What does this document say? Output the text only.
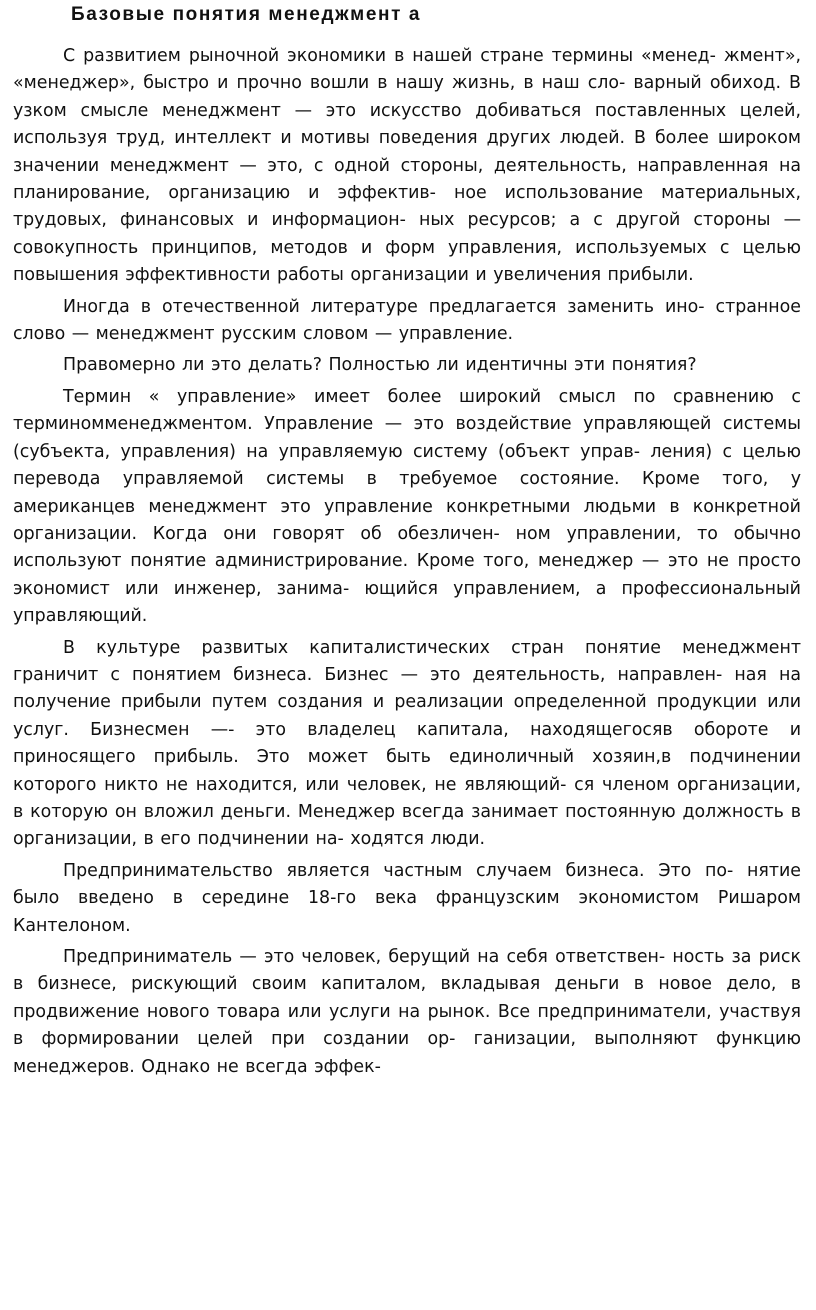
Базовые понятия менеджмент а

С развитием рыночной экономики в нашей стране термины «менед- жмент», «менеджер», быстро и прочно вошли в нашу жизнь, в наш сло- варный обиход. В узком смысле менеджмент — это искусство добиваться поставленных целей, используя труд, интеллект и мотивы поведения других людей. В более широком значении менеджмент — это, с одной стороны, деятельность, направленная на планирование, организацию и эффектив- ное использование материальных, трудовых, финансовых и информацион- ных ресурсов; а с другой стороны — совокупность принципов, методов и форм управления, используемых с целью повышения эффективности работы организации и увеличения прибыли.

Иногда в отечественной литературе предлагается заменить ино- странное слово — менеджмент русским словом — управление.

Правомерно ли это делать? Полностью ли идентичны эти понятия?

Термин « управление» имеет более широкий смысл по сравнению с терминомменеджментом. Управление — это воздействие управляющей системы (субъекта, управления) на управляемую систему (объект управ- ления) с целью перевода управляемой системы в требуемое состояние. Кроме того, у американцев менеджмент это управление конкретными людьми в конкретной организации. Когда они говорят об обезличен- ном управлении, то обычно используют понятие администрирование. Кроме того, менеджер — это не просто экономист или инженер, занима- ющийся управлением, а профессиональный управляющий.

В культуре развитых капиталистических стран понятие менеджмент граничит с понятием бизнеса. Бизнес — это деятельность, направлен- ная на получение прибыли путем создания и реализации определенной продукции или услуг. Бизнесмен —- это владелец капитала, находящегосяв обороте и приносящего прибыль. Это может быть единоличный хозяин,в подчинении которого никто не находится, или человек, не являющий- ся членом организации, в которую он вложил деньги. Менеджер всегда занимает постоянную должность в организации, в его подчинении на- ходятся люди.

Предпринимательство является частным случаем бизнеса. Это по- нятие было введено в середине 18-го века французским экономистом Ришаром Кантелоном.

Предприниматель — это человек, берущий на себя ответствен- ность за риск в бизнесе, рискующий своим капиталом, вкладывая деньги в новое дело, в продвижение нового товара или услуги на рынок. Все предприниматели, участвуя в формировании целей при создании ор- ганизации, выполняют функцию менеджеров. Однако не всегда эффек-
